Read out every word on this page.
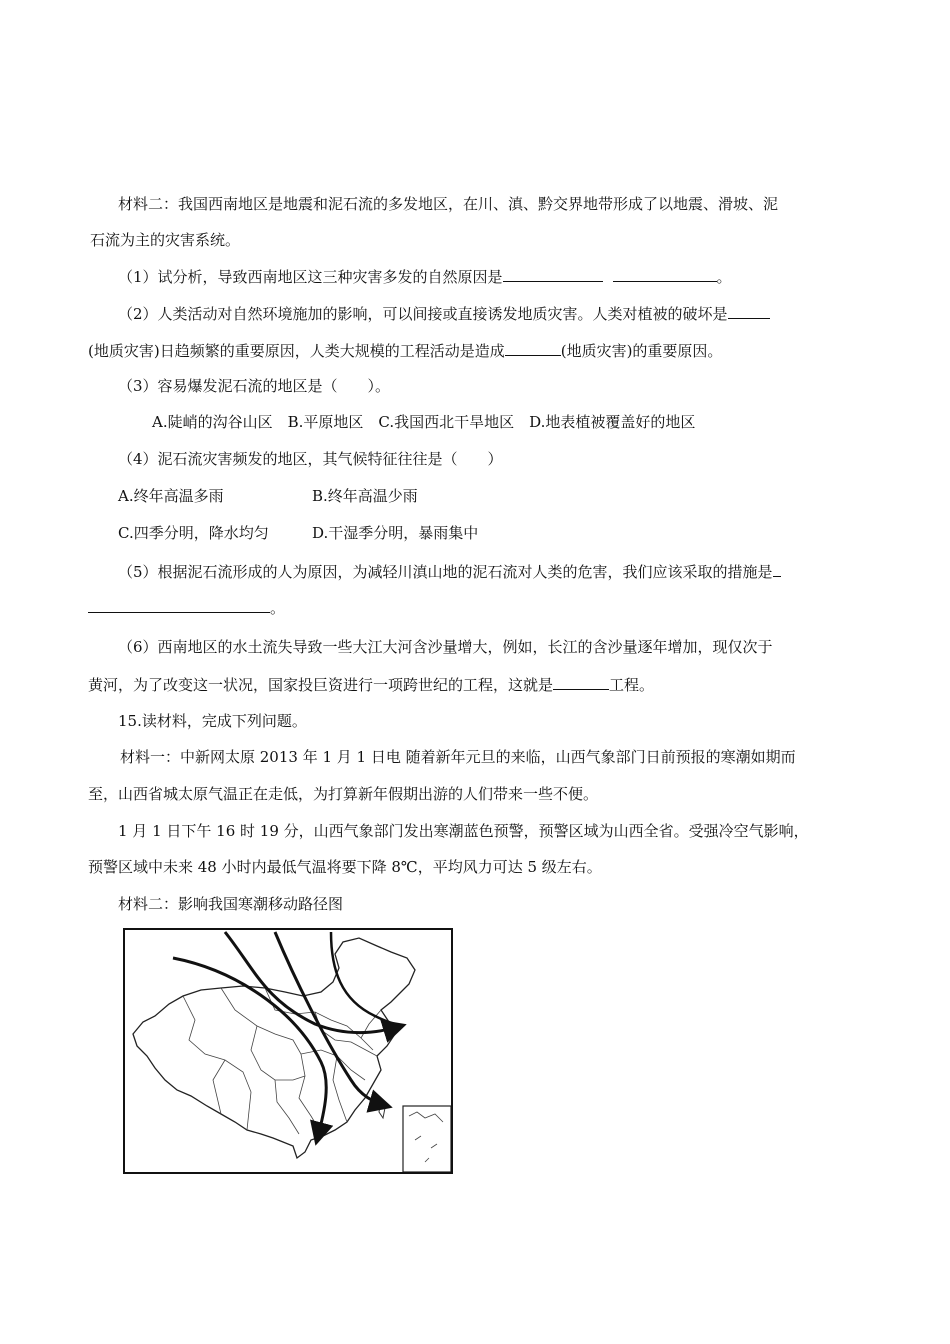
材料二：我国西南地区是地震和泥石流的多发地区，在川、滇、黔交界地带形成了以地震、滑坡、泥
石流为主的灾害系统。
（1）试分析，导致西南地区这三种灾害多发的自然原因是	。
（2）人类活动对自然环境施加的影响，可以间接或直接诱发地质灾害。人类对植被的破坏是
(地质灾害)日趋频繁的重要原因，人类大规模的工程活动是造成	(地质灾害)的重要原因。
（3）容易爆发泥石流的地区是（　　）。
A.陡峭的沟谷山区　B.平原地区　C.我国西北干旱地区　D.地表植被覆盖好的地区
（4）泥石流灾害频发的地区，其气候特征往往是（　　）
A.终年高温多雨	B.终年高温少雨
C.四季分明，降水均匀	D.干湿季分明，暴雨集中
（5）根据泥石流形成的人为原因，为减轻川滇山地的泥石流对人类的危害，我们应该采取的措施是
。
（6）西南地区的水土流失导致一些大江大河含沙量增大，例如，长江的含沙量逐年增加，现仅次于
黄河，为了改变这一状况，国家投巨资进行一项跨世纪的工程，这就是	工程。
15.读材料，完成下列问题。
材料一：中新网太原 2013 年 1 月 1 日电 随着新年元旦的来临，山西气象部门日前预报的寒潮如期而
至，山西省城太原气温正在走低，为打算新年假期出游的人们带来一些不便。
1 月 1 日下午 16 时 19 分，山西气象部门发出寒潮蓝色预警，预警区域为山西全省。受强冷空气影响，
预警区域中未来 48 小时内最低气温将要下降 8℃，平均风力可达 5 级左右。
材料二：影响我国寒潮移动路径图
